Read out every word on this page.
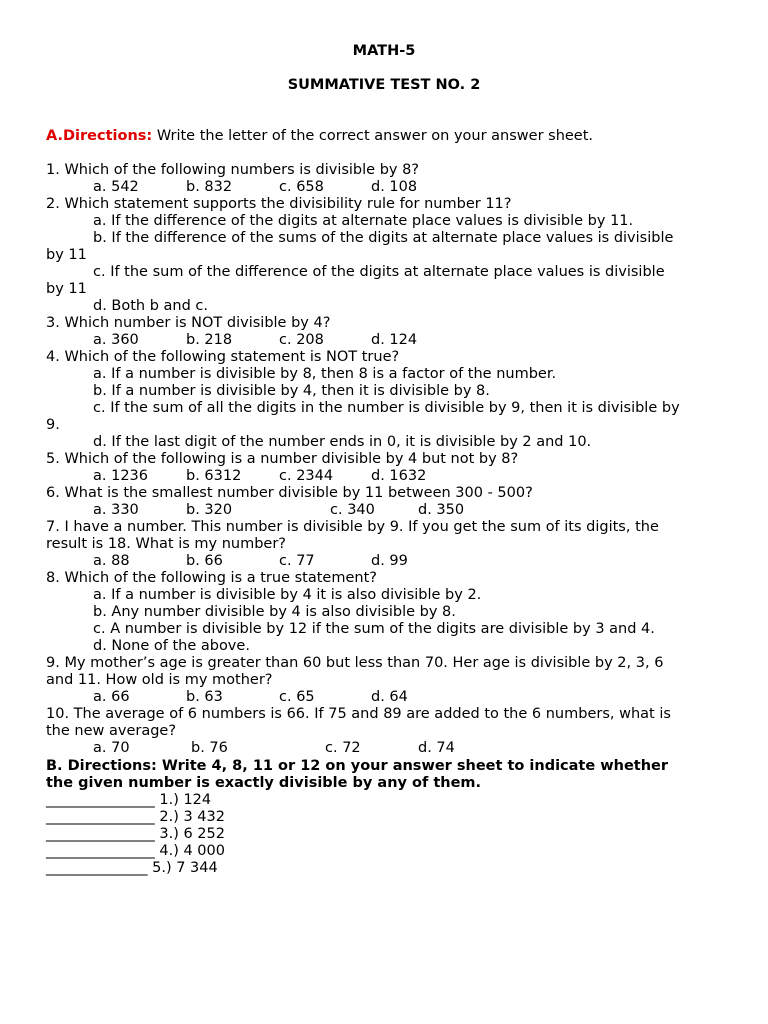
MATH-5
SUMMATIVE TEST NO. 2
A.Directions: Write the letter of the correct answer on your answer sheet.
1. Which of the following numbers is divisible by 8?
a. 542	b. 832	c. 658	d. 108
2. Which statement supports the divisibility rule for number 11?
a. If the difference of the digits at alternate place values is divisible by 11.
b. If the difference of the sums of the digits at alternate place values is divisible
by 11
c. If the sum of the difference of the digits at alternate place values is divisible
by 11
d. Both b and c.
3. Which number is NOT divisible by 4?
a. 360	b. 218	c. 208	d. 124
4. Which of the following statement is NOT true?
a. If a number is divisible by 8, then 8 is a factor of the number.
b. If a number is divisible by 4, then it is divisible by 8.
c. If the sum of all the digits in the number is divisible by 9, then it is divisible by
9.
d. If the last digit of the number ends in 0, it is divisible by 2 and 10.
5. Which of the following is a number divisible by 4 but not by 8?
a. 1236	b. 6312	c. 2344	d. 1632
6. What is the smallest number divisible by 11 between 300 - 500?
a. 330	b. 320	c. 340	d. 350
7. I have a number. This number is divisible by 9. If you get the sum of its digits, the
result is 18. What is my number?
a. 88	b. 66	c. 77	d. 99
8. Which of the following is a true statement?
a. If a number is divisible by 4 it is also divisible by 2.
b. Any number divisible by 4 is also divisible by 8.
c. A number is divisible by 12 if the sum of the digits are divisible by 3 and 4.
d. None of the above.
9. My mother’s age is greater than 60 but less than 70. Her age is divisible by 2, 3, 6
and 11. How old is my mother?
a. 66	b. 63	c. 65	d. 64
10. The average of 6 numbers is 66. If 75 and 89 are added to the 6 numbers, what is
the new average?
a. 70	b. 76	c. 72	d. 74
B. Directions: Write 4, 8, 11 or 12 on your answer sheet to indicate whether
the given number is exactly divisible by any of them.
_______________ 1.) 124
_______________ 2.) 3 432
_______________ 3.) 6 252
_______________ 4.) 4 000
______________ 5.) 7 344
